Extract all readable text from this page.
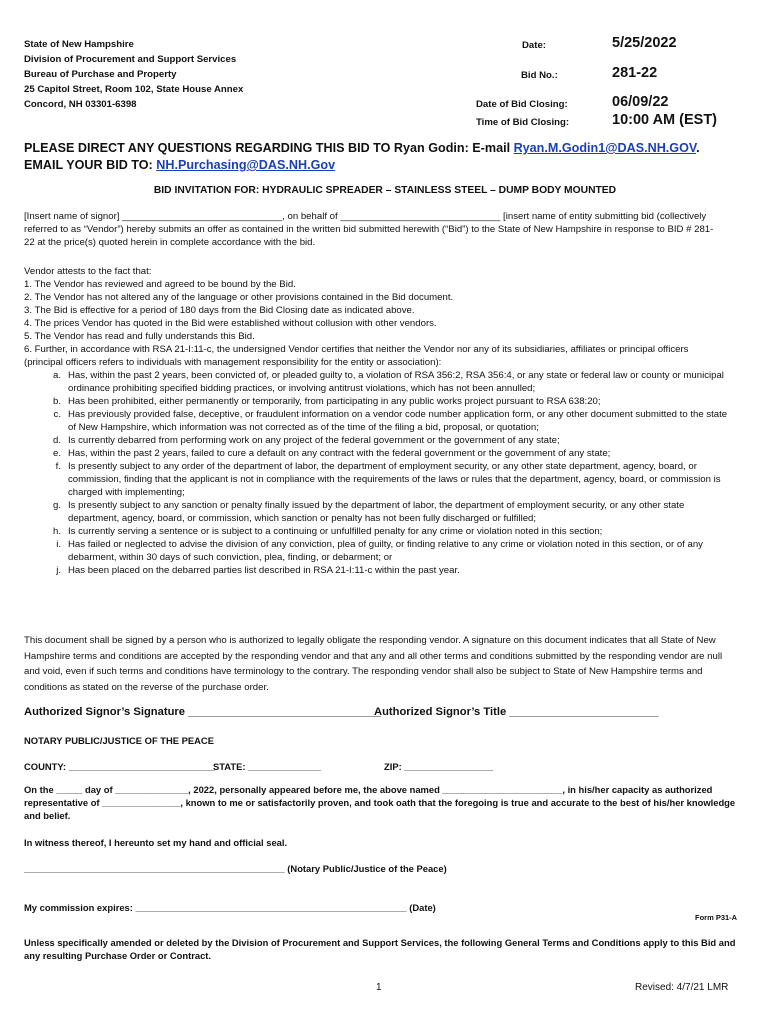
State of New Hampshire
Division of Procurement and Support Services
Bureau of Purchase and Property
25 Capitol Street, Room 102, State House Annex
Concord, NH 03301-6398
Date:	5/25/2022
Bid No.:	281-22
Date of Bid Closing:	06/09/22
Time of Bid Closing:	10:00 AM (EST)
PLEASE DIRECT ANY QUESTIONS REGARDING THIS BID TO Ryan Godin: E-mail Ryan.M.Godin1@DAS.NH.GOV.
EMAIL YOUR BID TO: NH.Purchasing@DAS.NH.Gov
BID INVITATION FOR: HYDRAULIC SPREADER – STAINLESS STEEL – DUMP BODY MOUNTED
[Insert name of signor] ______________________________, on behalf of ______________________________ [insert name of entity submitting bid (collectively referred to as “Vendor”) hereby submits an offer as contained in the written bid submitted herewith (“Bid”) to the State of New Hampshire in response to BID # 281-22 at the price(s) quoted herein in complete accordance with the bid.
Vendor attests to the fact that:
1. The Vendor has reviewed and agreed to be bound by the Bid.
2. The Vendor has not altered any of the language or other provisions contained in the Bid document.
3. The Bid is effective for a period of 180 days from the Bid Closing date as indicated above.
4. The prices Vendor has quoted in the Bid were established without collusion with other vendors.
5. The Vendor has read and fully understands this Bid.
6. Further, in accordance with RSA 21-I:11-c, the undersigned Vendor certifies that neither the Vendor nor any of its subsidiaries, affiliates or principal officers (principal officers refers to individuals with management responsibility for the entity or association):
a. Has, within the past 2 years, been convicted of, or pleaded guilty to, a violation of RSA 356:2, RSA 356:4, or any state or federal law or county or municipal ordinance prohibiting specified bidding practices, or involving antitrust violations, which has not been annulled;
b. Has been prohibited, either permanently or temporarily, from participating in any public works project pursuant to RSA 638:20;
c. Has previously provided false, deceptive, or fraudulent information on a vendor code number application form, or any other document submitted to the state of New Hampshire, which information was not corrected as of the time of the filing a bid, proposal, or quotation;
d. Is currently debarred from performing work on any project of the federal government or the government of any state;
e. Has, within the past 2 years, failed to cure a default on any contract with the federal government or the government of any state;
f. Is presently subject to any order of the department of labor, the department of employment security, or any other state department, agency, board, or commission, finding that the applicant is not in compliance with the requirements of the laws or rules that the department, agency, board, or commission is charged with implementing;
g. Is presently subject to any sanction or penalty finally issued by the department of labor, the department of employment security, or any other state department, agency, board, or commission, which sanction or penalty has not been fully discharged or fulfilled;
h. Is currently serving a sentence or is subject to a continuing or unfulfilled penalty for any crime or violation noted in this section;
i. Has failed or neglected to advise the division of any conviction, plea of guilty, or finding relative to any crime or violation noted in this section, or of any debarment, within 30 days of such conviction, plea, finding, or debarment; or
j. Has been placed on the debarred parties list described in RSA 21-I:11-c within the past year.
This document shall be signed by a person who is authorized to legally obligate the responding vendor. A signature on this document indicates that all State of New Hampshire terms and conditions are accepted by the responding vendor and that any and all other terms and conditions submitted by the responding vendor are null and void, even if such terms and conditions have terminology to the contrary. The responding vendor shall also be subject to State of New Hampshire terms and conditions as stated on the reverse of the purchase order.
Authorized Signor’s Signature _______________________________
Authorized Signor’s Title ________________________
NOTARY PUBLIC/JUSTICE OF THE PEACE
COUNTY: ____________________________
STATE: ______________	ZIP: _________________
On the _____ day of ______________, 2022, personally appeared before me, the above named _______________________, in his/her capacity as authorized representative of _______________, known to me or satisfactorily proven, and took oath that the foregoing is true and accurate to the best of his/her knowledge and belief.
In witness thereof, I hereunto set my hand and official seal.
__________________________________________________ (Notary Public/Justice of the Peace)
My commission expires: ____________________________________________________ (Date)
Form P31-A
Unless specifically amended or deleted by the Division of Procurement and Support Services, the following General Terms and Conditions apply to this Bid and any resulting Purchase Order or Contract.
1	Revised: 4/7/21 LMR
